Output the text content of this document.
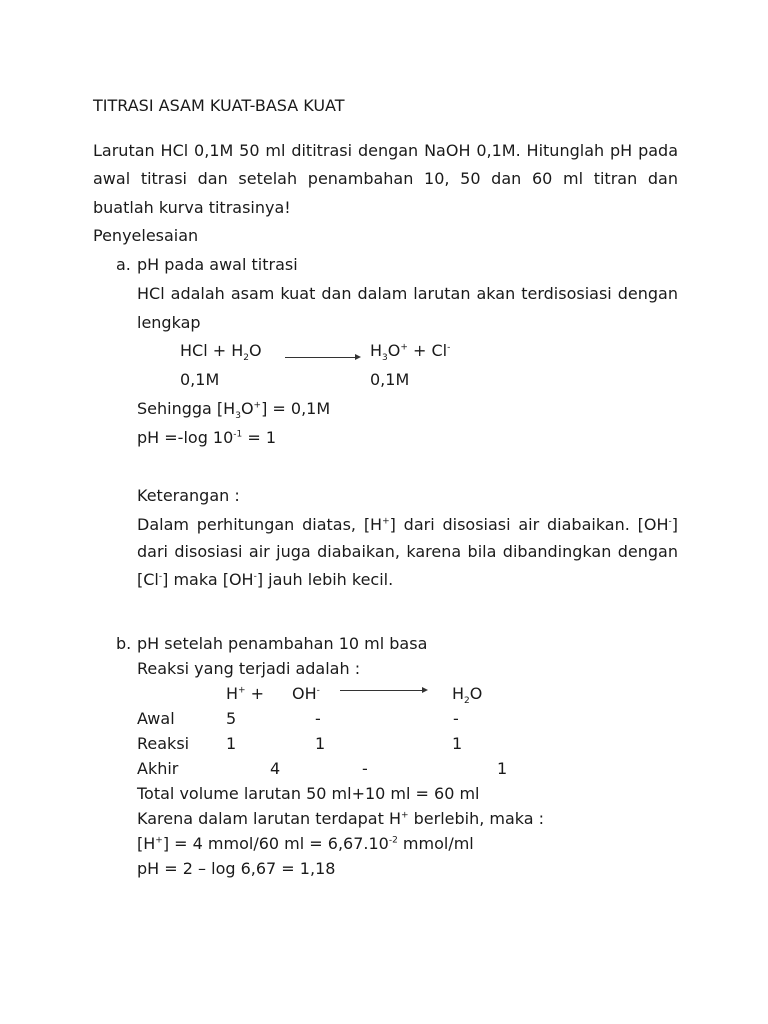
TITRASI ASAM KUAT-BASA KUAT
Larutan HCl 0,1M 50 ml dititrasi dengan NaOH 0,1M. Hitunglah pH pada
awal titrasi dan setelah penambahan 10, 50 dan 60 ml titran dan
buatlah kurva titrasinya!
Penyelesaian
a. pH pada awal titrasi
HCl adalah asam kuat dan dalam larutan akan terdisosiasi dengan
lengkap
HCl + $H_2O$	$H_3O^+ + Cl^-$
0,1M	0,1M
Sehingga $[H_3O^+] = 0,1M$
pH =-log $10^{-1} = 1$
Keterangan :
Dalam perhitungan diatas, [H+] dari disosiasi air diabaikan. [OH-]
dari disosiasi air juga diabaikan, karena bila dibandingkan dengan
[Cl-] maka [OH-] jauh lebih kecil.
b. pH setelah penambahan 10 ml basa
Reaksi yang terjadi adalah :
H+ + OH-	$H_2O$
Awal	5	-	-
Reaksi 1	1	1
Akhir	4	-	1
Total volume larutan 50 ml+10 ml = 60 ml
Karena dalam larutan terdapat H+ berlebih, maka :
[H+] = 4 mmol/60 ml = $6,67.10^{-2}$ mmol/ml
pH = 2 – log 6,67 = 1,18
